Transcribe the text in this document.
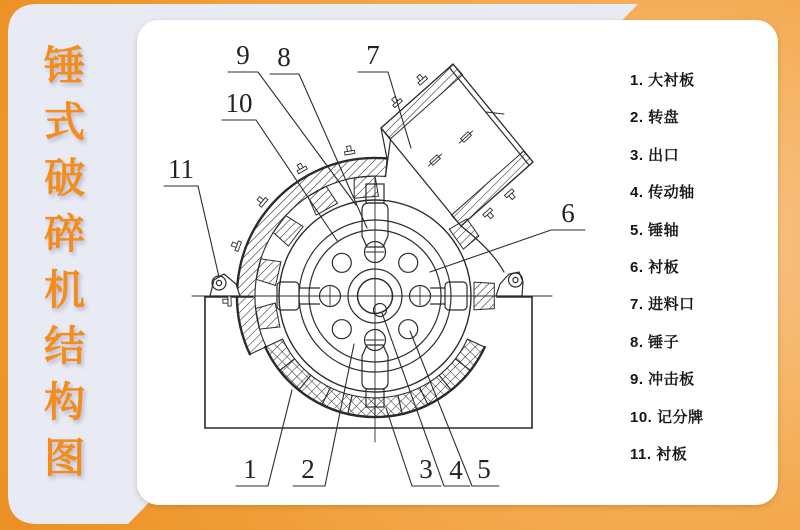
1 2	3 4 5
6
7
8
9
10
11
锤式破碎机结构图	1. 大衬板
2. 转盘
3. 出口
4. 传动轴
5. 锤轴
6. 衬板
7. 进料口
8. 锤子
9. 冲击板
10. 记分牌
11. 衬板
